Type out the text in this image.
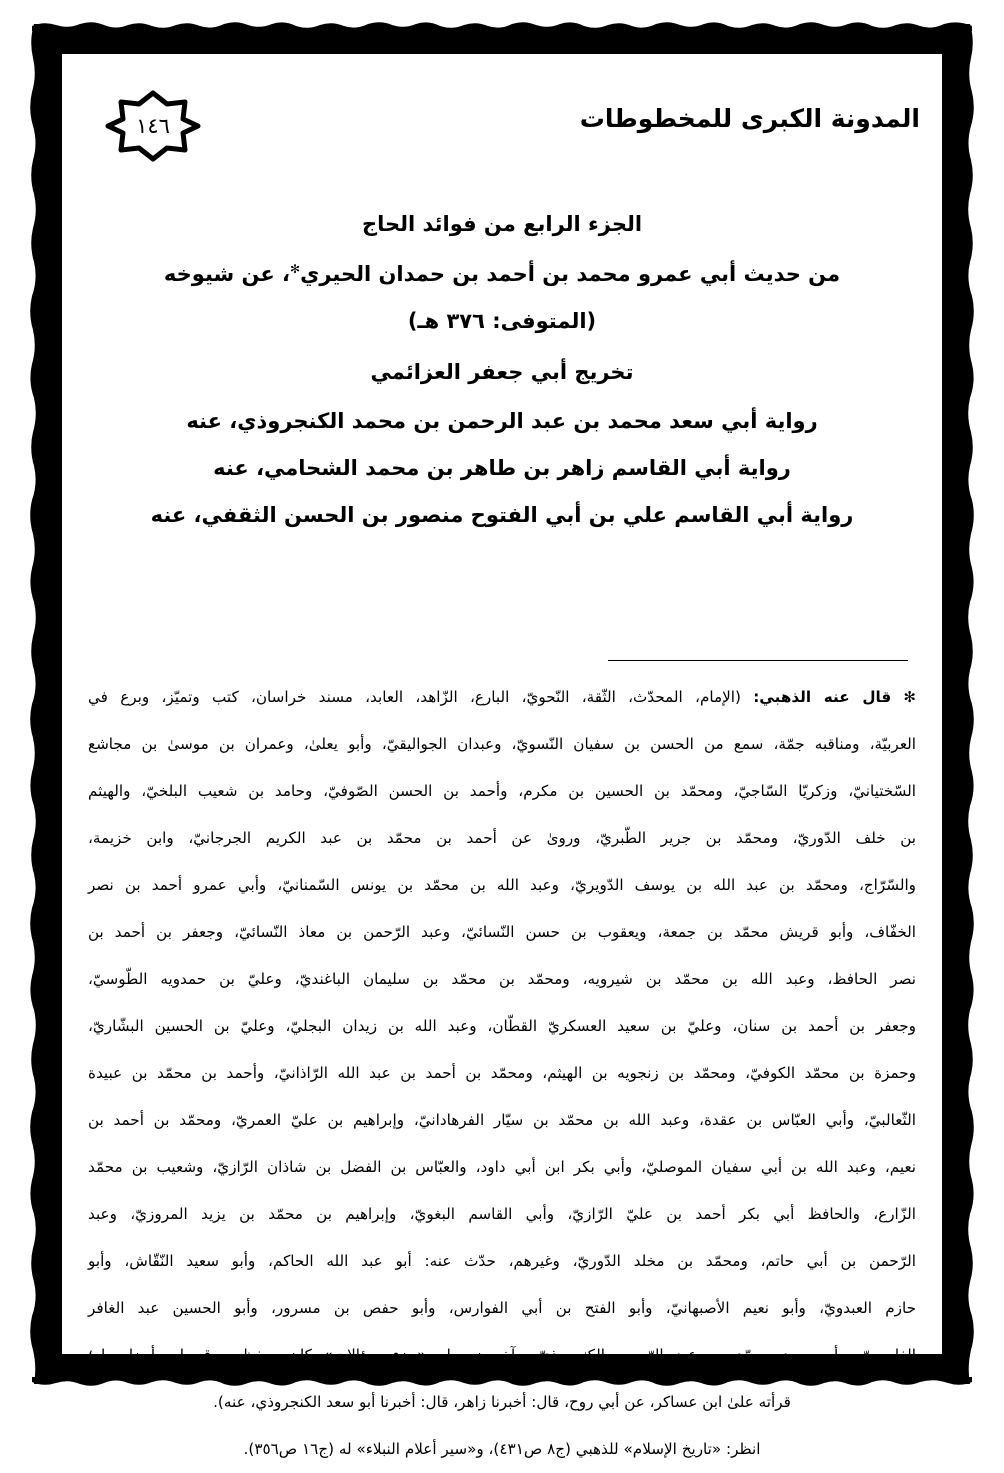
١٤٦	المدونة الكبرى للمخطوطات
الجزء الرابع من فوائد الحاج
من حديث أبي عمرو محمد بن أحمد بن حمدان الحيري✻، عن شيوخه
(المتوفى: ٣٧٦ هـ)
تخريج أبي جعفر العزائمي
رواية أبي سعد محمد بن عبد الرحمن بن محمد الكنجروذي، عنه
رواية أبي القاسم زاهر بن طاهر بن محمد الشحامي، عنه
رواية أبي القاسم علي بن أبي الفتوح منصور بن الحسن الثقفي، عنه
✻ قال عنه الذهبي: (الإمام، المحدّث، الثّقة، النّحويّ، البارع، الزّاهد، العابد، مسند خراسان، كتب وتميّز، وبرع في
العربيّة، ومناقبه جمّة، سمع من الحسن بن سفيان النّسويّ، وعبدان الجواليقيّ، وأبو يعلىٰ، وعمران بن موسىٰ بن مجاشع
السّختيانيّ، وزكريّا السّاجيّ، ومحمّد بن الحسين بن مكرم، وأحمد بن الحسن الصّوفيّ، وحامد بن شعيب البلخيّ، والهيثم
بن خلف الدّوريّ، ومحمّد بن جرير الطّبريّ، وروىٰ عن أحمد بن محمّد بن عبد الكريم الجرجانيّ، وابن خزيمة،
والسّرّاج، ومحمّد بن عبد الله بن يوسف الدّويريّ، وعبد الله بن محمّد بن يونس السّمنانيّ، وأبي عمرو أحمد بن نصر
الخفّاف، وأبو قريش محمّد بن جمعة، ويعقوب بن حسن النّسائيّ، وعبد الرّحمن بن معاذ النّسائيّ، وجعفر بن أحمد بن
نصر الحافظ، وعبد الله بن محمّد بن شيرويه، ومحمّد بن محمّد بن سليمان الباغنديّ، وعليّ بن حمدويه الطّوسيّ،
وجعفر بن أحمد بن سنان، وعليّ بن سعيد العسكريّ القطّان، وعبد الله بن زيدان البجليّ، وعليّ بن الحسين البشّاريّ،
وحمزة بن محمّد الكوفيّ، ومحمّد بن زنجويه بن الهيثم، ومحمّد بن أحمد بن عبد الله الرّاذانيّ، وأحمد بن محمّد بن عبيدة
الثّعالبيّ، وأبي العبّاس بن عقدة، وعبد الله بن محمّد بن سيّار الفرهادانيّ، وإبراهيم بن عليّ العمريّ، ومحمّد بن أحمد بن
نعيم، وعبد الله بن أبي سفيان الموصليّ، وأبي بكر ابن أبي داود، والعبّاس بن الفضل بن شاذان الرّازيّ، وشعيب بن محمّد
الزّارع، والحافظ أبي بكر أحمد بن عليّ الرّازيّ، وأبي القاسم البغويّ، وإبراهيم بن محمّد بن يزيد المروزيّ، وعبد
الرّحمن بن أبي حاتم، ومحمّد بن مخلد الدّوريّ، وغيرهم، حدّث عنه: أبو عبد الله الحاكم، وأبو سعيد النّقّاش، وأبو
حازم العبدويّ، وأبو نعيم الأصبهانيّ، وأبو الفتح بن أبي الفوارس، وأبو حفص بن مسرور، وأبو الحسين عبد الغافر
الفارسيّ، وأبو سعد محمّد بن عبد الرّحمن الكنجروذيّ، وآخرون، وله «جزء سؤالات» كان يحفظه، وقع لي أيضا بعلو؛
قرأته علىٰ ابن عساكر، عن أبي روح، قال: أخبرنا زاهر، قال: أخبرنا أبو سعد الكنجروذي، عنه).
انظر: «تاريخ الإسلام» للذهبي (ج٨ ص٤٣١)، و«سير أعلام النبلاء» له (ج١٦ ص٣٥٦).
